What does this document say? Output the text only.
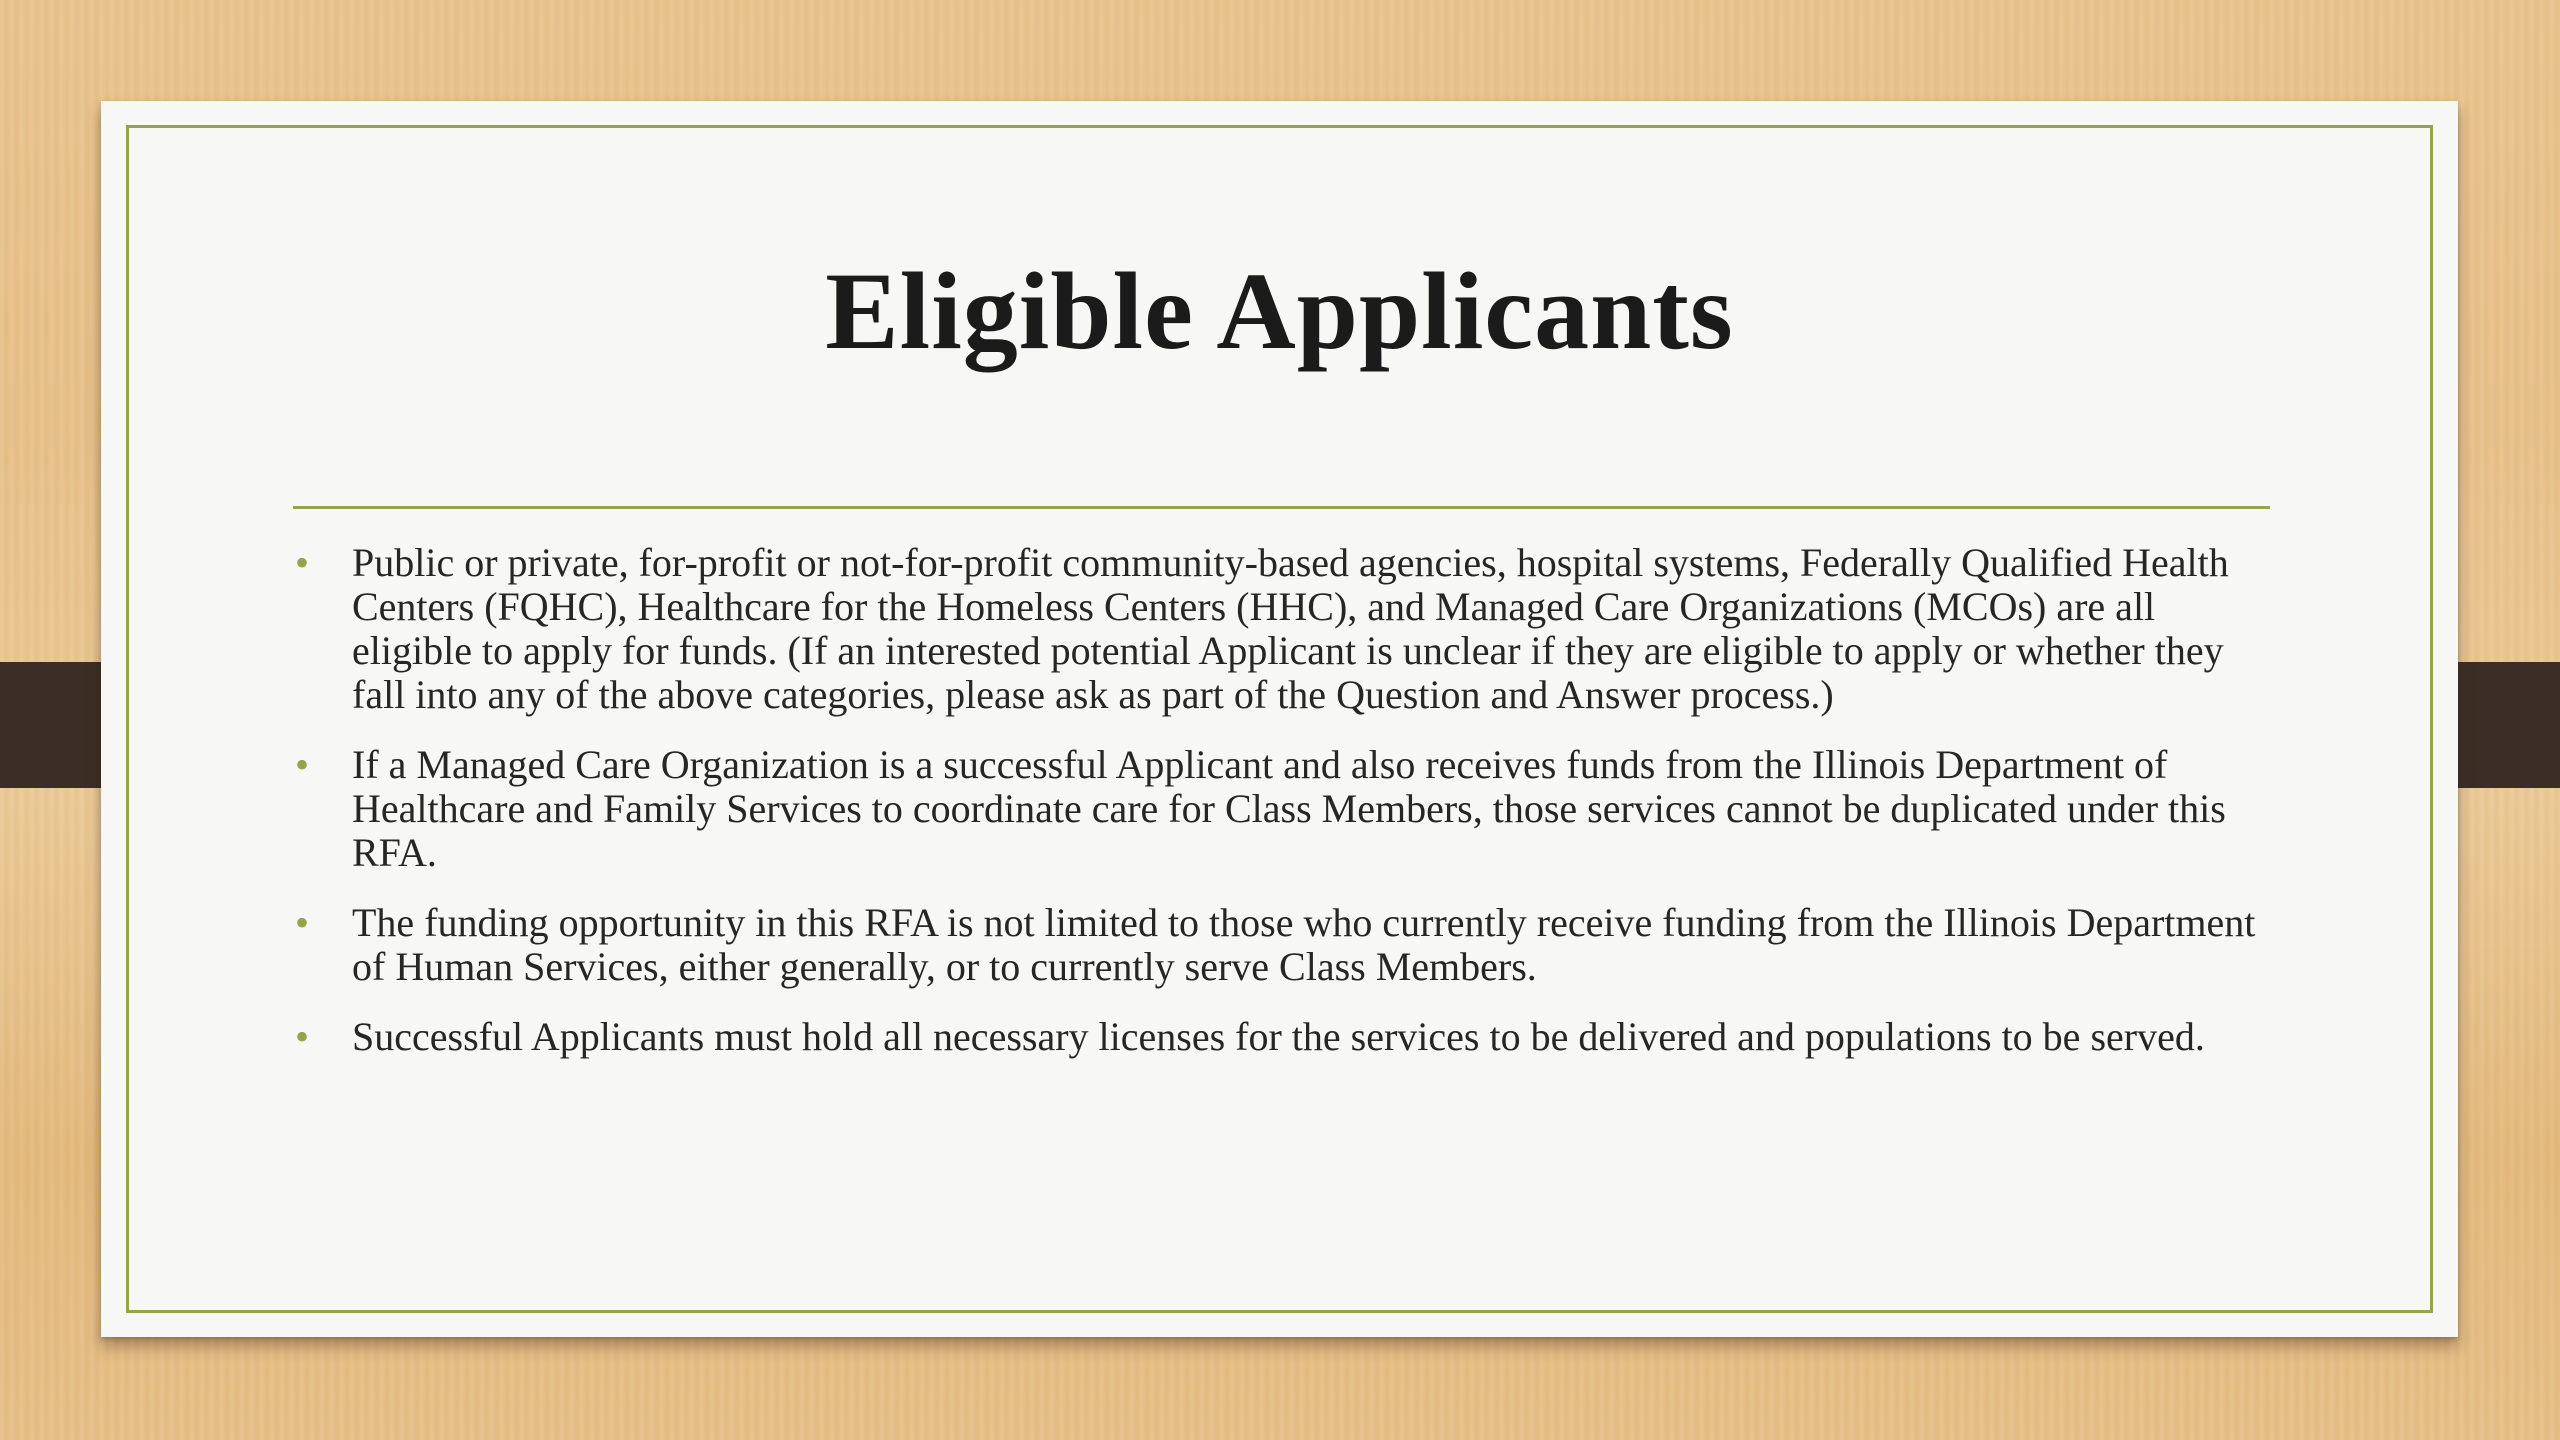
Eligible Applicants
• Public or private, for-profit or not-for-profit community-based agencies, hospital systems, Federally Qualified Health Centers (FQHC), Healthcare for the Homeless Centers (HHC), and Managed Care Organizations (MCOs) are all eligible to apply for funds. (If an interested potential Applicant is unclear if they are eligible to apply or whether they fall into any of the above categories, please ask as part of the Question and Answer process.)
• If a Managed Care Organization is a successful Applicant and also receives funds from the Illinois Department of Healthcare and Family Services to coordinate care for Class Members, those services cannot be duplicated under this RFA.
• The funding opportunity in this RFA is not limited to those who currently receive funding from the Illinois Department of Human Services, either generally, or to currently serve Class Members.
• Successful Applicants must hold all necessary licenses for the services to be delivered and populations to be served.
